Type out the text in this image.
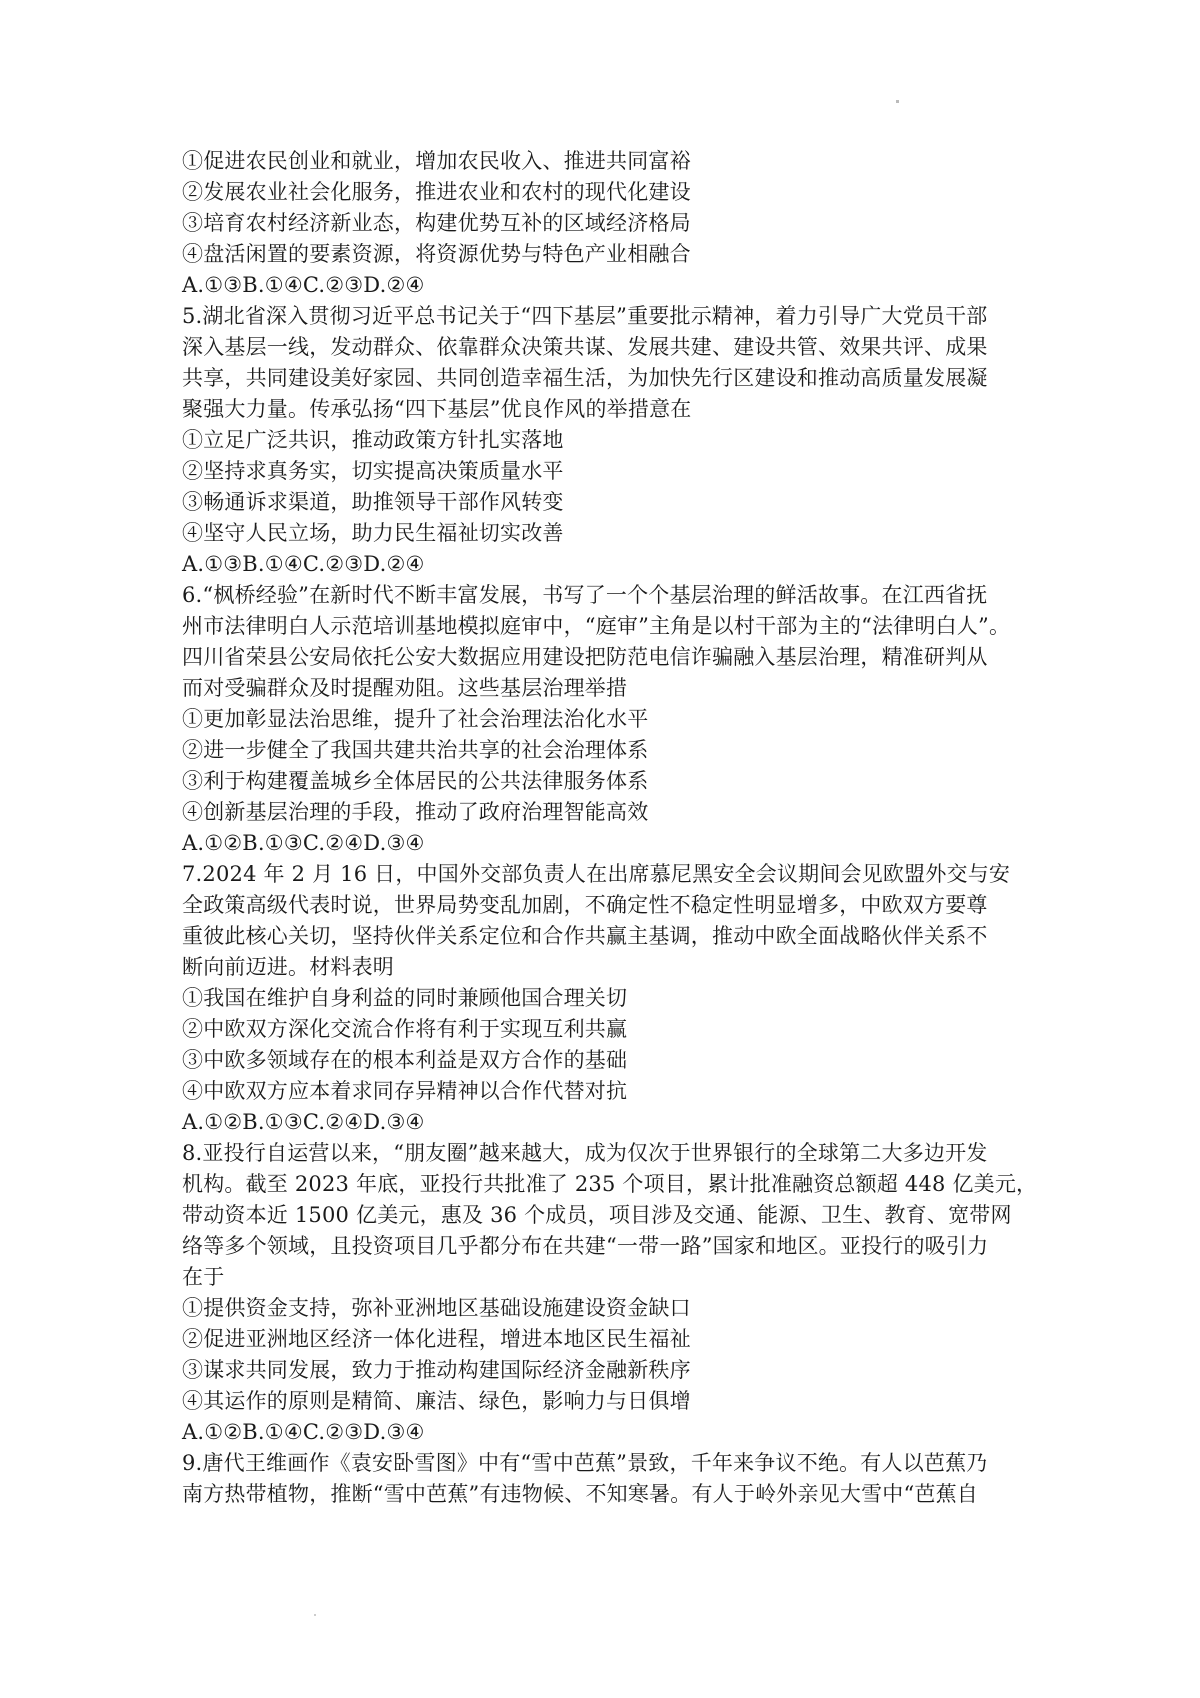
①促进农民创业和就业，增加农民收入、推进共同富裕
②发展农业社会化服务，推进农业和农村的现代化建设
③培育农村经济新业态，构建优势互补的区域经济格局
④盘活闲置的要素资源，将资源优势与特色产业相融合
A.①③B.①④C.②③D.②④
5.湖北省深入贯彻习近平总书记关于“四下基层”重要批示精神，着力引导广大党员干部
深入基层一线，发动群众、依靠群众决策共谋、发展共建、建设共管、效果共评、成果
共享，共同建设美好家园、共同创造幸福生活，为加快先行区建设和推动高质量发展凝
聚强大力量。传承弘扬“四下基层”优良作风的举措意在
①立足广泛共识，推动政策方针扎实落地
②坚持求真务实，切实提高决策质量水平
③畅通诉求渠道，助推领导干部作风转变
④坚守人民立场，助力民生福祉切实改善
A.①③B.①④C.②③D.②④
6.“枫桥经验”在新时代不断丰富发展，书写了一个个基层治理的鲜活故事。在江西省抚
州市法律明白人示范培训基地模拟庭审中，“庭审”主角是以村干部为主的“法律明白人”。
四川省荣县公安局依托公安大数据应用建设把防范电信诈骗融入基层治理，精准研判从
而对受骗群众及时提醒劝阻。这些基层治理举措
①更加彰显法治思维，提升了社会治理法治化水平
②进一步健全了我国共建共治共享的社会治理体系
③利于构建覆盖城乡全体居民的公共法律服务体系
④创新基层治理的手段，推动了政府治理智能高效
A.①②B.①③C.②④D.③④
7.2024 年 2 月 16 日，中国外交部负责人在出席慕尼黑安全会议期间会见欧盟外交与安
全政策高级代表时说，世界局势变乱加剧，不确定性不稳定性明显增多，中欧双方要尊
重彼此核心关切，坚持伙伴关系定位和合作共赢主基调，推动中欧全面战略伙伴关系不
断向前迈进。材料表明
①我国在维护自身利益的同时兼顾他国合理关切
②中欧双方深化交流合作将有利于实现互利共赢
③中欧多领域存在的根本利益是双方合作的基础
④中欧双方应本着求同存异精神以合作代替对抗
A.①②B.①③C.②④D.③④
8.亚投行自运营以来，“朋友圈”越来越大，成为仅次于世界银行的全球第二大多边开发
机构。截至 2023 年底，亚投行共批准了 235 个项目，累计批准融资总额超 448 亿美元，
带动资本近 1500 亿美元，惠及 36 个成员，项目涉及交通、能源、卫生、教育、宽带网
络等多个领域，且投资项目几乎都分布在共建“一带一路”国家和地区。亚投行的吸引力
在于
①提供资金支持，弥补亚洲地区基础设施建设资金缺口
②促进亚洲地区经济一体化进程，增进本地区民生福祉
③谋求共同发展，致力于推动构建国际经济金融新秩序
④其运作的原则是精简、廉洁、绿色，影响力与日俱增
A.①②B.①④C.②③D.③④
9.唐代王维画作《袁安卧雪图》中有“雪中芭蕉”景致，千年来争议不绝。有人以芭蕉乃
南方热带植物，推断“雪中芭蕉”有违物候、不知寒暑。有人于岭外亲见大雪中“芭蕉自
